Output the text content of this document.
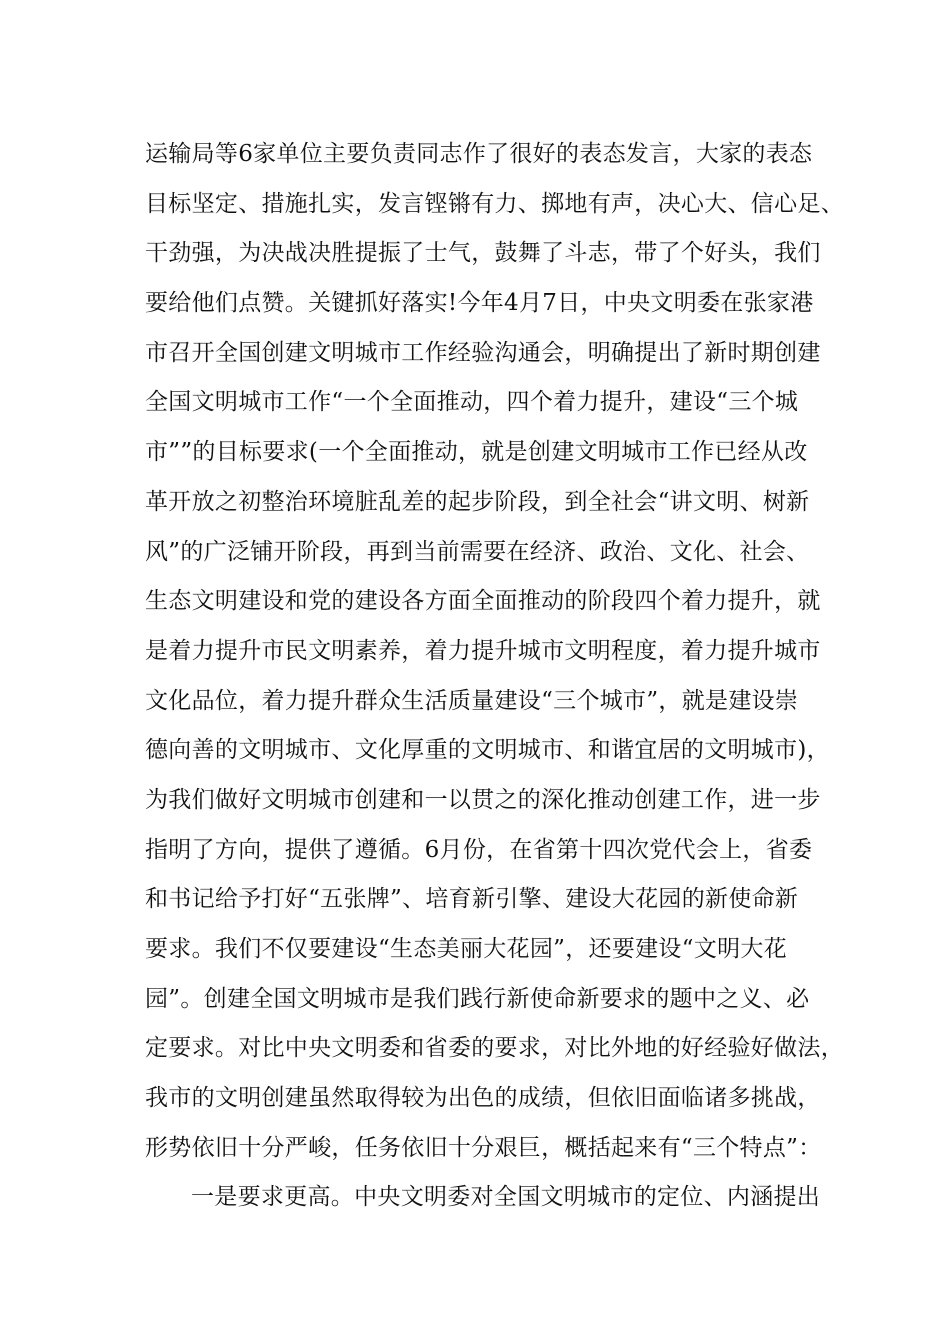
运输局等6家单位主要负责同志作了很好的表态发言，大家的表态
目标坚定、措施扎实，发言铿锵有力、掷地有声，决心大、信心足、
干劲强，为决战决胜提振了士气，鼓舞了斗志，带了个好头，我们
要给他们点赞。关键抓好落实!今年4月7日，中央文明委在张家港
市召开全国创建文明城市工作经验沟通会，明确提出了新时期创建
全国文明城市工作“一个全面推动，四个着力提升，建设“三个城
市””的目标要求(一个全面推动，就是创建文明城市工作已经从改
革开放之初整治环境脏乱差的起步阶段，到全社会“讲文明、树新
风”的广泛铺开阶段，再到当前需要在经济、政治、文化、社会、
生态文明建设和党的建设各方面全面推动的阶段四个着力提升，就
是着力提升市民文明素养，着力提升城市文明程度，着力提升城市
文化品位，着力提升群众生活质量建设“三个城市”，就是建设崇
德向善的文明城市、文化厚重的文明城市、和谐宜居的文明城市)，
为我们做好文明城市创建和一以贯之的深化推动创建工作，进一步
指明了方向，提供了遵循。6月份，在省第十四次党代会上，省委
和书记给予打好“五张牌”、培育新引擎、建设大花园的新使命新
要求。我们不仅要建设“生态美丽大花园”，还要建设“文明大花
园”。创建全国文明城市是我们践行新使命新要求的题中之义、必
定要求。对比中央文明委和省委的要求，对比外地的好经验好做法，
我市的文明创建虽然取得较为出色的成绩，但依旧面临诸多挑战，
形势依旧十分严峻，任务依旧十分艰巨，概括起来有“三个特点”：
一是要求更高。中央文明委对全国文明城市的定位、内涵提出
